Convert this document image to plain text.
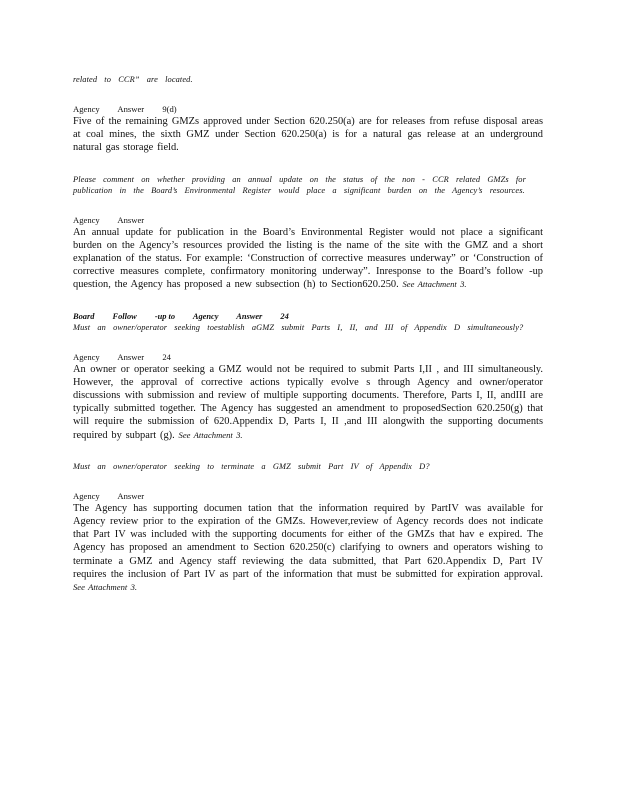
related to CCR” are located.
Agency Answer 9(d)
Five of the remaining GMZs approved under Section 620.250(a) are for releases from refuse disposal areas at coal mines, the sixth GMZ under Section 620.250(a) is for a natural gas release at an underground natural gas storage field.
Please comment on whether providing an annual update on the status of the non - CCR related GMZs for publication in the Board’s Environmental Register would place a significant burden on the Agency’s resources.
Agency Answer
An annual update for publication in the Board’s Environmental Register would not place a significant burden on the Agency’s resources provided the listing is the name of the site with the GMZ and a short explanation of the status. For example: ‘Construction of corrective measures underway” or ‘Construction of corrective measures complete, confirmatory monitoring underway”. Inresponse to the Board’s follow -up question, the Agency has proposed a new subsection (h) to Section620.250. See Attachment 3.
Board Follow -up to Agency Answer 24
Must an owner/operator seeking toestablish aGMZ submit Parts I, II, and III of Appendix D simultaneously?
Agency Answer 24
An owner or operator seeking a GMZ would not be required to submit Parts I,II , and III simultaneously. However, the approval of corrective actions typically evolve s through Agency and owner/operator discussions with submission and review of multiple supporting documents. Therefore, Parts I, II, andIII are typically submitted together. The Agency has suggested an amendment to proposedSection 620.250(g) that will require the submission of 620.Appendix D, Parts I, II ,and III alongwith the supporting documents required by subpart (g). See Attachment 3.
Must an owner/operator seeking to terminate a GMZ submit Part IV of Appendix D?
Agency Answer
The Agency has supporting documen tation that the information required by PartIV was available for Agency review prior to the expiration of the GMZs. However,review of Agency records does not indicate that Part IV was included with the supporting documents for either of the GMZs that hav e expired. The Agency has proposed an amendment to Section 620.250(c) clarifying to owners and operators wishing to terminate a GMZ and Agency staff reviewing the data submitted, that Part 620.Appendix D, Part IV requires the inclusion of Part IV as part of the information that must be submitted for expiration approval. See Attachment 3.
